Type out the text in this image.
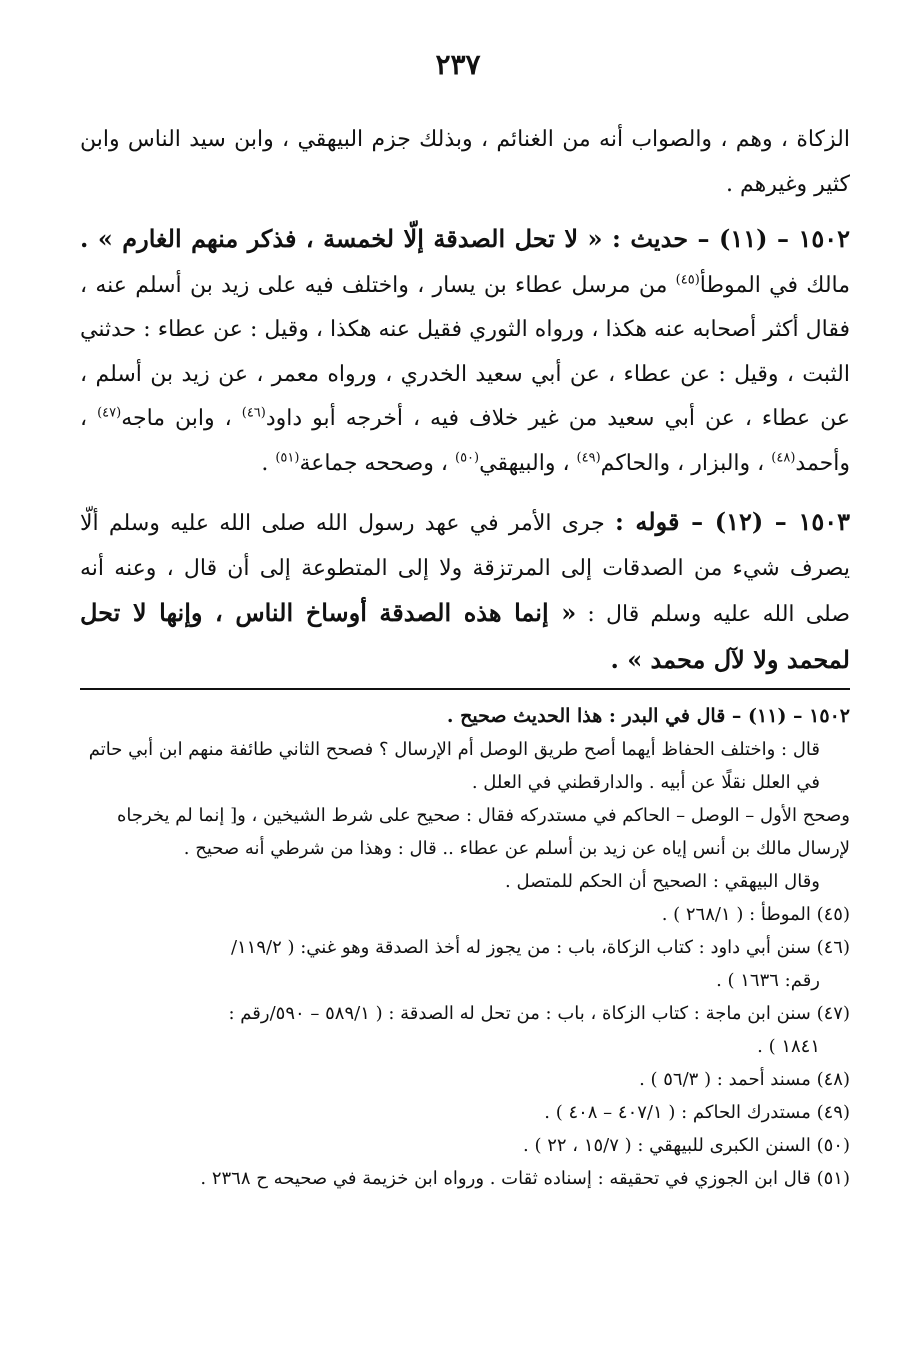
٢٣٧

الزكاة ، وهم ، والصواب أنه من الغنائم ، وبذلك جزم البيهقي ، وابن سيد الناس وابن كثير وغيرهم .

١٥٠٢ – (١١) – حديث : « لا تحل الصدقة إلّا لخمسة ، فذكر منهم الغارم » . مالك في الموطأ$^{(٤٥)}$ من مرسل عطاء بن يسار ، واختلف فيه على زيد بن أسلم عنه ، فقال أكثر أصحابه عنه هكذا ، ورواه الثوري فقيل عنه هكذا ، وقيل : عن عطاء : حدثني الثبت ، وقيل : عن عطاء ، عن أبي سعيد الخدري ، ورواه معمر ، عن زيد بن أسلم ، عن عطاء ، عن أبي سعيد من غير خلاف فيه ، أخرجه أبو داود$^{(٤٦)}$ ، وابن ماجه$^{(٤٧)}$ ، وأحمد$^{(٤٨)}$ ، والبزار ، والحاكم$^{(٤٩)}$ ، والبيهقي$^{(٥٠)}$ ، وصححه جماعة$^{(٥١)}$ .

١٥٠٣ – (١٢) – قوله : جرى الأمر في عهد رسول الله صلى الله عليه وسلم ألّا يصرف شيء من الصدقات إلى المرتزقة ولا إلى المتطوعة إلى أن قال ، وعنه أنه صلى الله عليه وسلم قال : « إنما هذه الصدقة أوساخ الناس ، وإنها لا تحل لمحمد ولا لآل محمد » .

١٥٠٢ – (١١) – قال في البدر : هذا الحديث صحيح .

قال : واختلف الحفاظ أيهما أصح طريق الوصل أم الإرسال ؟ فصحح الثاني طائفة منهم ابن أبي حاتم في العلل نقلًا عن أبيه . والدارقطني في العلل .

وصحح الأول – الوصل – الحاكم في مستدركه فقال : صحيح على شرط الشيخين ، و[ إنما لم يخرجاه لإرسال مالك بن أنس إياه عن زيد بن أسلم عن عطاء .. قال : وهذا من شرطي أنه صحيح .

وقال البيهقي : الصحيح أن الحكم للمتصل .

(٤٥) الموطأ : ( ٢٦٨/١ ) .

(٤٦) سنن أبي داود : كتاب الزكاة، باب : من يجوز له أخذ الصدقة وهو غني: ( ١١٩/٢/

رقم: ١٦٣٦ ) .

(٤٧) سنن ابن ماجة : كتاب الزكاة ، باب : من تحل له الصدقة : ( ٥٨٩/١ – ٥٩٠/رقم :

١٨٤١ ) .

(٤٨) مسند أحمد : ( ٥٦/٣ ) .

(٤٩) مستدرك الحاكم : ( ٤٠٧/١ – ٤٠٨ ) .

(٥٠) السنن الكبرى للبيهقي : ( ١٥/٧ ، ٢٢ ) .

(٥١) قال ابن الجوزي في تحقيقه : إسناده ثقات . ورواه ابن خزيمة في صحيحه ح ٢٣٦٨ .
